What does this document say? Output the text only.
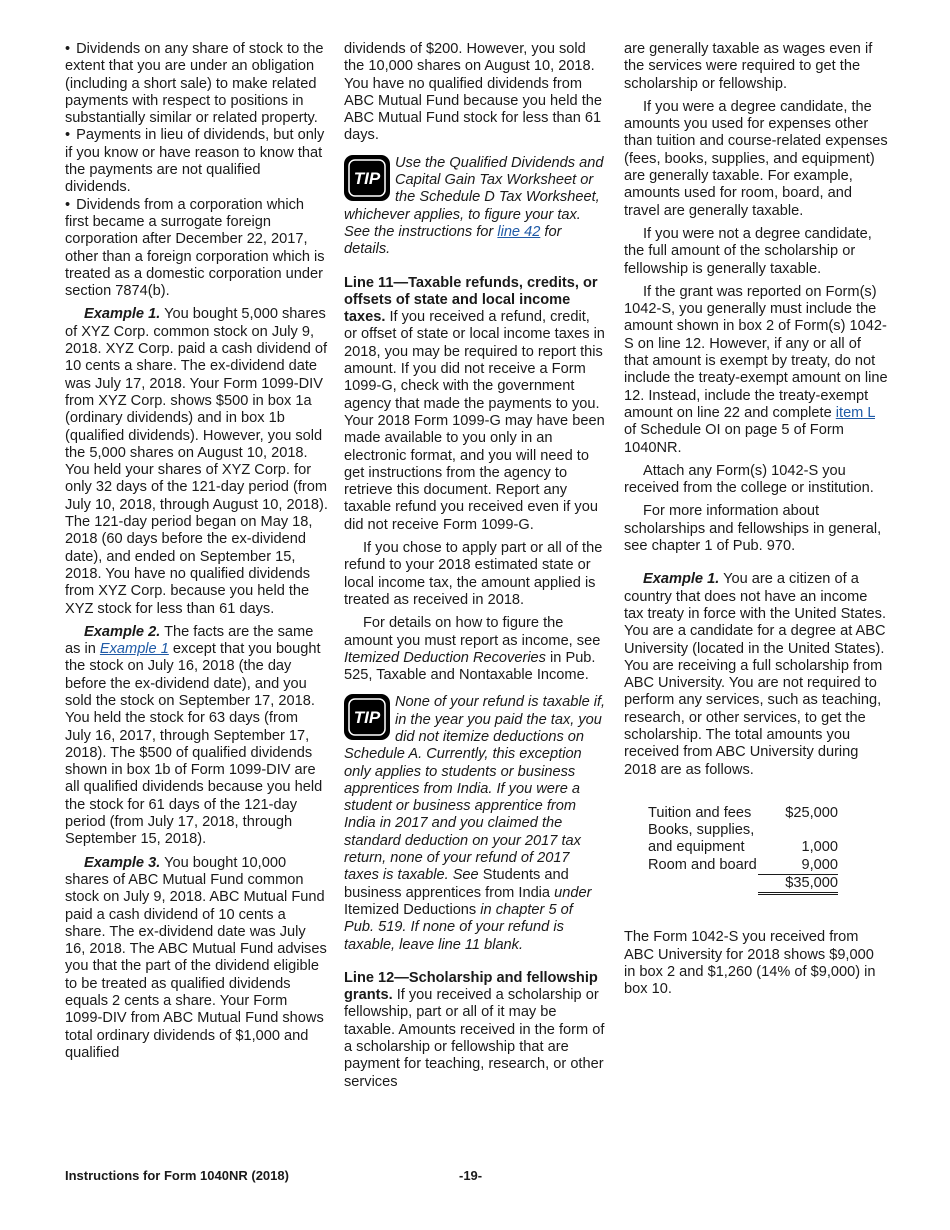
• Dividends on any share of stock to the extent that you are under an obligation (including a short sale) to make related payments with respect to positions in substantially similar or related property.

• Payments in lieu of dividends, but only if you know or have reason to know that the payments are not qualified dividends.

• Dividends from a corporation which first became a surrogate foreign corporation after December 22, 2017, other than a foreign corporation which is treated as a domestic corporation under section 7874(b).

Example 1. You bought 5,000 shares of XYZ Corp. common stock on July 9, 2018. XYZ Corp. paid a cash dividend of 10 cents a share. The ex-dividend date was July 17, 2018. Your Form 1099-DIV from XYZ Corp. shows $500 in box 1a (ordinary dividends) and in box 1b (qualified dividends). However, you sold the 5,000 shares on August 10, 2018. You held your shares of XYZ Corp. for only 32 days of the 121-day period (from July 10, 2018, through August 10, 2018). The 121-day period began on May 18, 2018 (60 days before the ex-dividend date), and ended on September 15, 2018. You have no qualified dividends from XYZ Corp. because you held the XYZ stock for less than 61 days.

Example 2. The facts are the same as in Example 1 except that you bought the stock on July 16, 2018 (the day before the ex-dividend date), and you sold the stock on September 17, 2018. You held the stock for 63 days (from July 16, 2017, through September 17, 2018). The $500 of qualified dividends shown in box 1b of Form 1099-DIV are all qualified dividends because you held the stock for 61 days of the 121-day period (from July 17, 2018, through September 15, 2018).

Example 3. You bought 10,000 shares of ABC Mutual Fund common stock on July 9, 2018. ABC Mutual Fund paid a cash dividend of 10 cents a share. The ex-dividend date was July 16, 2018. The ABC Mutual Fund advises you that the part of the dividend eligible to be treated as qualified dividends equals 2 cents a share. Your Form 1099-DIV from ABC Mutual Fund shows total ordinary dividends of $1,000 and qualified

dividends of $200. However, you sold the 10,000 shares on August 10, 2018. You have no qualified dividends from ABC Mutual Fund because you held the ABC Mutual Fund stock for less than 61 days.

TIP
Use the Qualified Dividends and Capital Gain Tax Worksheet or the Schedule D Tax Worksheet, whichever applies, to figure your tax. See the instructions for line 42 for details.

Line 11—Taxable refunds, credits, or offsets of state and local income taxes. If you received a refund, credit, or offset of state or local income taxes in 2018, you may be required to report this amount. If you did not receive a Form 1099-G, check with the government agency that made the payments to you. Your 2018 Form 1099-G may have been made available to you only in an electronic format, and you will need to get instructions from the agency to retrieve this document. Report any taxable refund you received even if you did not receive Form 1099-G.

If you chose to apply part or all of the refund to your 2018 estimated state or local income tax, the amount applied is treated as received in 2018.

For details on how to figure the amount you must report as income, see Itemized Deduction Recoveries in Pub. 525, Taxable and Nontaxable Income.

TIP
None of your refund is taxable if, in the year you paid the tax, you did not itemize deductions on Schedule A. Currently, this exception only applies to students or business apprentices from India. If you were a student or business apprentice from India in 2017 and you claimed the standard deduction on your 2017 tax return, none of your refund of 2017 taxes is taxable. See Students and business apprentices from India under Itemized Deductions in chapter 5 of Pub. 519. If none of your refund is taxable, leave line 11 blank.

Line 12—Scholarship and fellowship grants. If you received a scholarship or fellowship, part or all of it may be taxable. Amounts received in the form of a scholarship or fellowship that are payment for teaching, research, or other services

are generally taxable as wages even if the services were required to get the scholarship or fellowship.

If you were a degree candidate, the amounts you used for expenses other than tuition and course-related expenses (fees, books, supplies, and equipment) are generally taxable. For example, amounts used for room, board, and travel are generally taxable.

If you were not a degree candidate, the full amount of the scholarship or fellowship is generally taxable.

If the grant was reported on Form(s) 1042-S, you generally must include the amount shown in box 2 of Form(s) 1042-S on line 12. However, if any or all of that amount is exempt by treaty, do not include the treaty-exempt amount on line 12. Instead, include the treaty-exempt amount on line 22 and complete item L of Schedule OI on page 5 of Form 1040NR.

Attach any Form(s) 1042-S you received from the college or institution.

For more information about scholarships and fellowships in general, see chapter 1 of Pub. 970.

Example 1. You are a citizen of a country that does not have an income tax treaty in force with the United States. You are a candidate for a degree at ABC University (located in the United States). You are receiving a full scholarship from ABC University. You are not required to perform any services, such as teaching, research, or other services, to get the scholarship. The total amounts you received from ABC University during 2018 are as follows.

Tuition and fees	$25,000
Books, supplies, and equipment	1,000
Room and board	9,000
	$35,000

The Form 1042-S you received from ABC University for 2018 shows $9,000 in box 2 and $1,260 (14% of $9,000) in box 10.

Instructions for Form 1040NR (2018)	-19-
